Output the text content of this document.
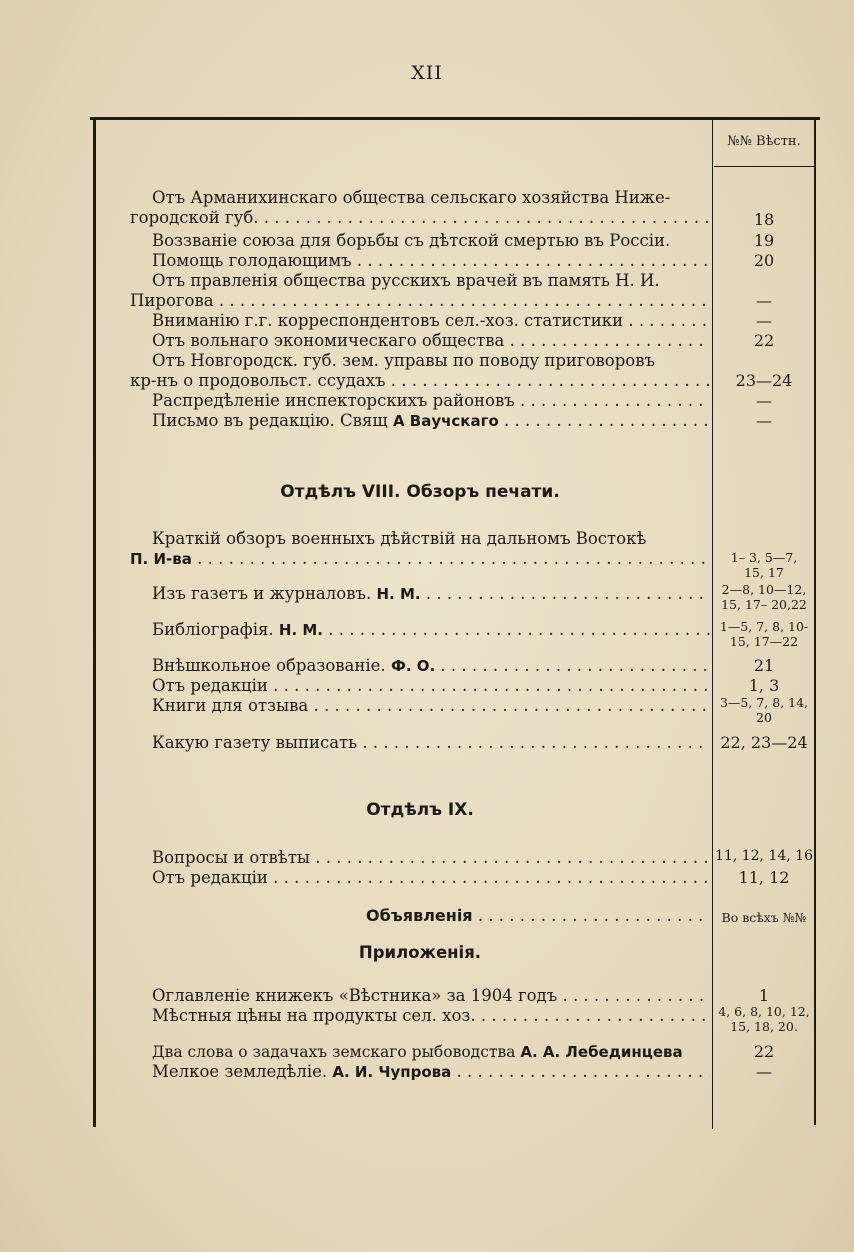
XII
№№ Вѣстн.
Отъ Арманихинскаго общества сельскаго хозяйства Ниже-
городской губ. . . .	18
Воззваніе союза для борьбы съ дѣтской смертью въ Россіи.	19
Помощь голодающимъ . . .	20
Отъ правленія общества русскихъ врачей въ память Н. И.
Пирогова . . .	—
Вниманію г.г. корреспондентовъ сел.-хоз. статистики . . .	—
Отъ вольнаго экономическаго общества . . .	22
Отъ Новгородск. губ. зем. управы по поводу приговоровъ
кр-нъ о продовольст. ссудахъ . . .	23—24
Распредѣленіе инспекторскихъ районовъ . . .	—
Письмо въ редакцію. Свящ А Ваучскаго . . .	—
Отдѣлъ VIII. Обзоръ печати.
Краткій обзоръ военныхъ дѣйствій на дальномъ Востокѣ
П. И-ва . . .	1– 3, 5—7,
15, 17
Изъ газетъ и журналовъ. Н. М. . . .	2—8, 10—12,
15, 17– 20,22
Библіографія. Н. М. . . .	1—5, 7, 8, 10-
15, 17—22
Внѣшкольное образованіе. Ф. О. . . .	21
Отъ редакціи . . .	1, 3
Книги для отзыва . . .	3—5, 7, 8, 14,
20
Какую газету выписать . . .	22, 23—24
Отдѣлъ IX.
Вопросы и отвѣты . . .	11, 12, 14, 16
Отъ редакціи . . .	11, 12
Объявленія . . .	Во всѣхъ №№
Приложенія.
Оглавленіе книжекъ «Вѣстника» за 1904 годъ . . .	1
Мѣстныя цѣны на продукты сел. хоз. . . .	4, 6, 8, 10, 12,
15, 18, 20.
Два слова о задачахъ земскаго рыбоводства А. А. Лебединцева	22
Мелкое земледѣліе. А. И. Чупрова . . .	—
